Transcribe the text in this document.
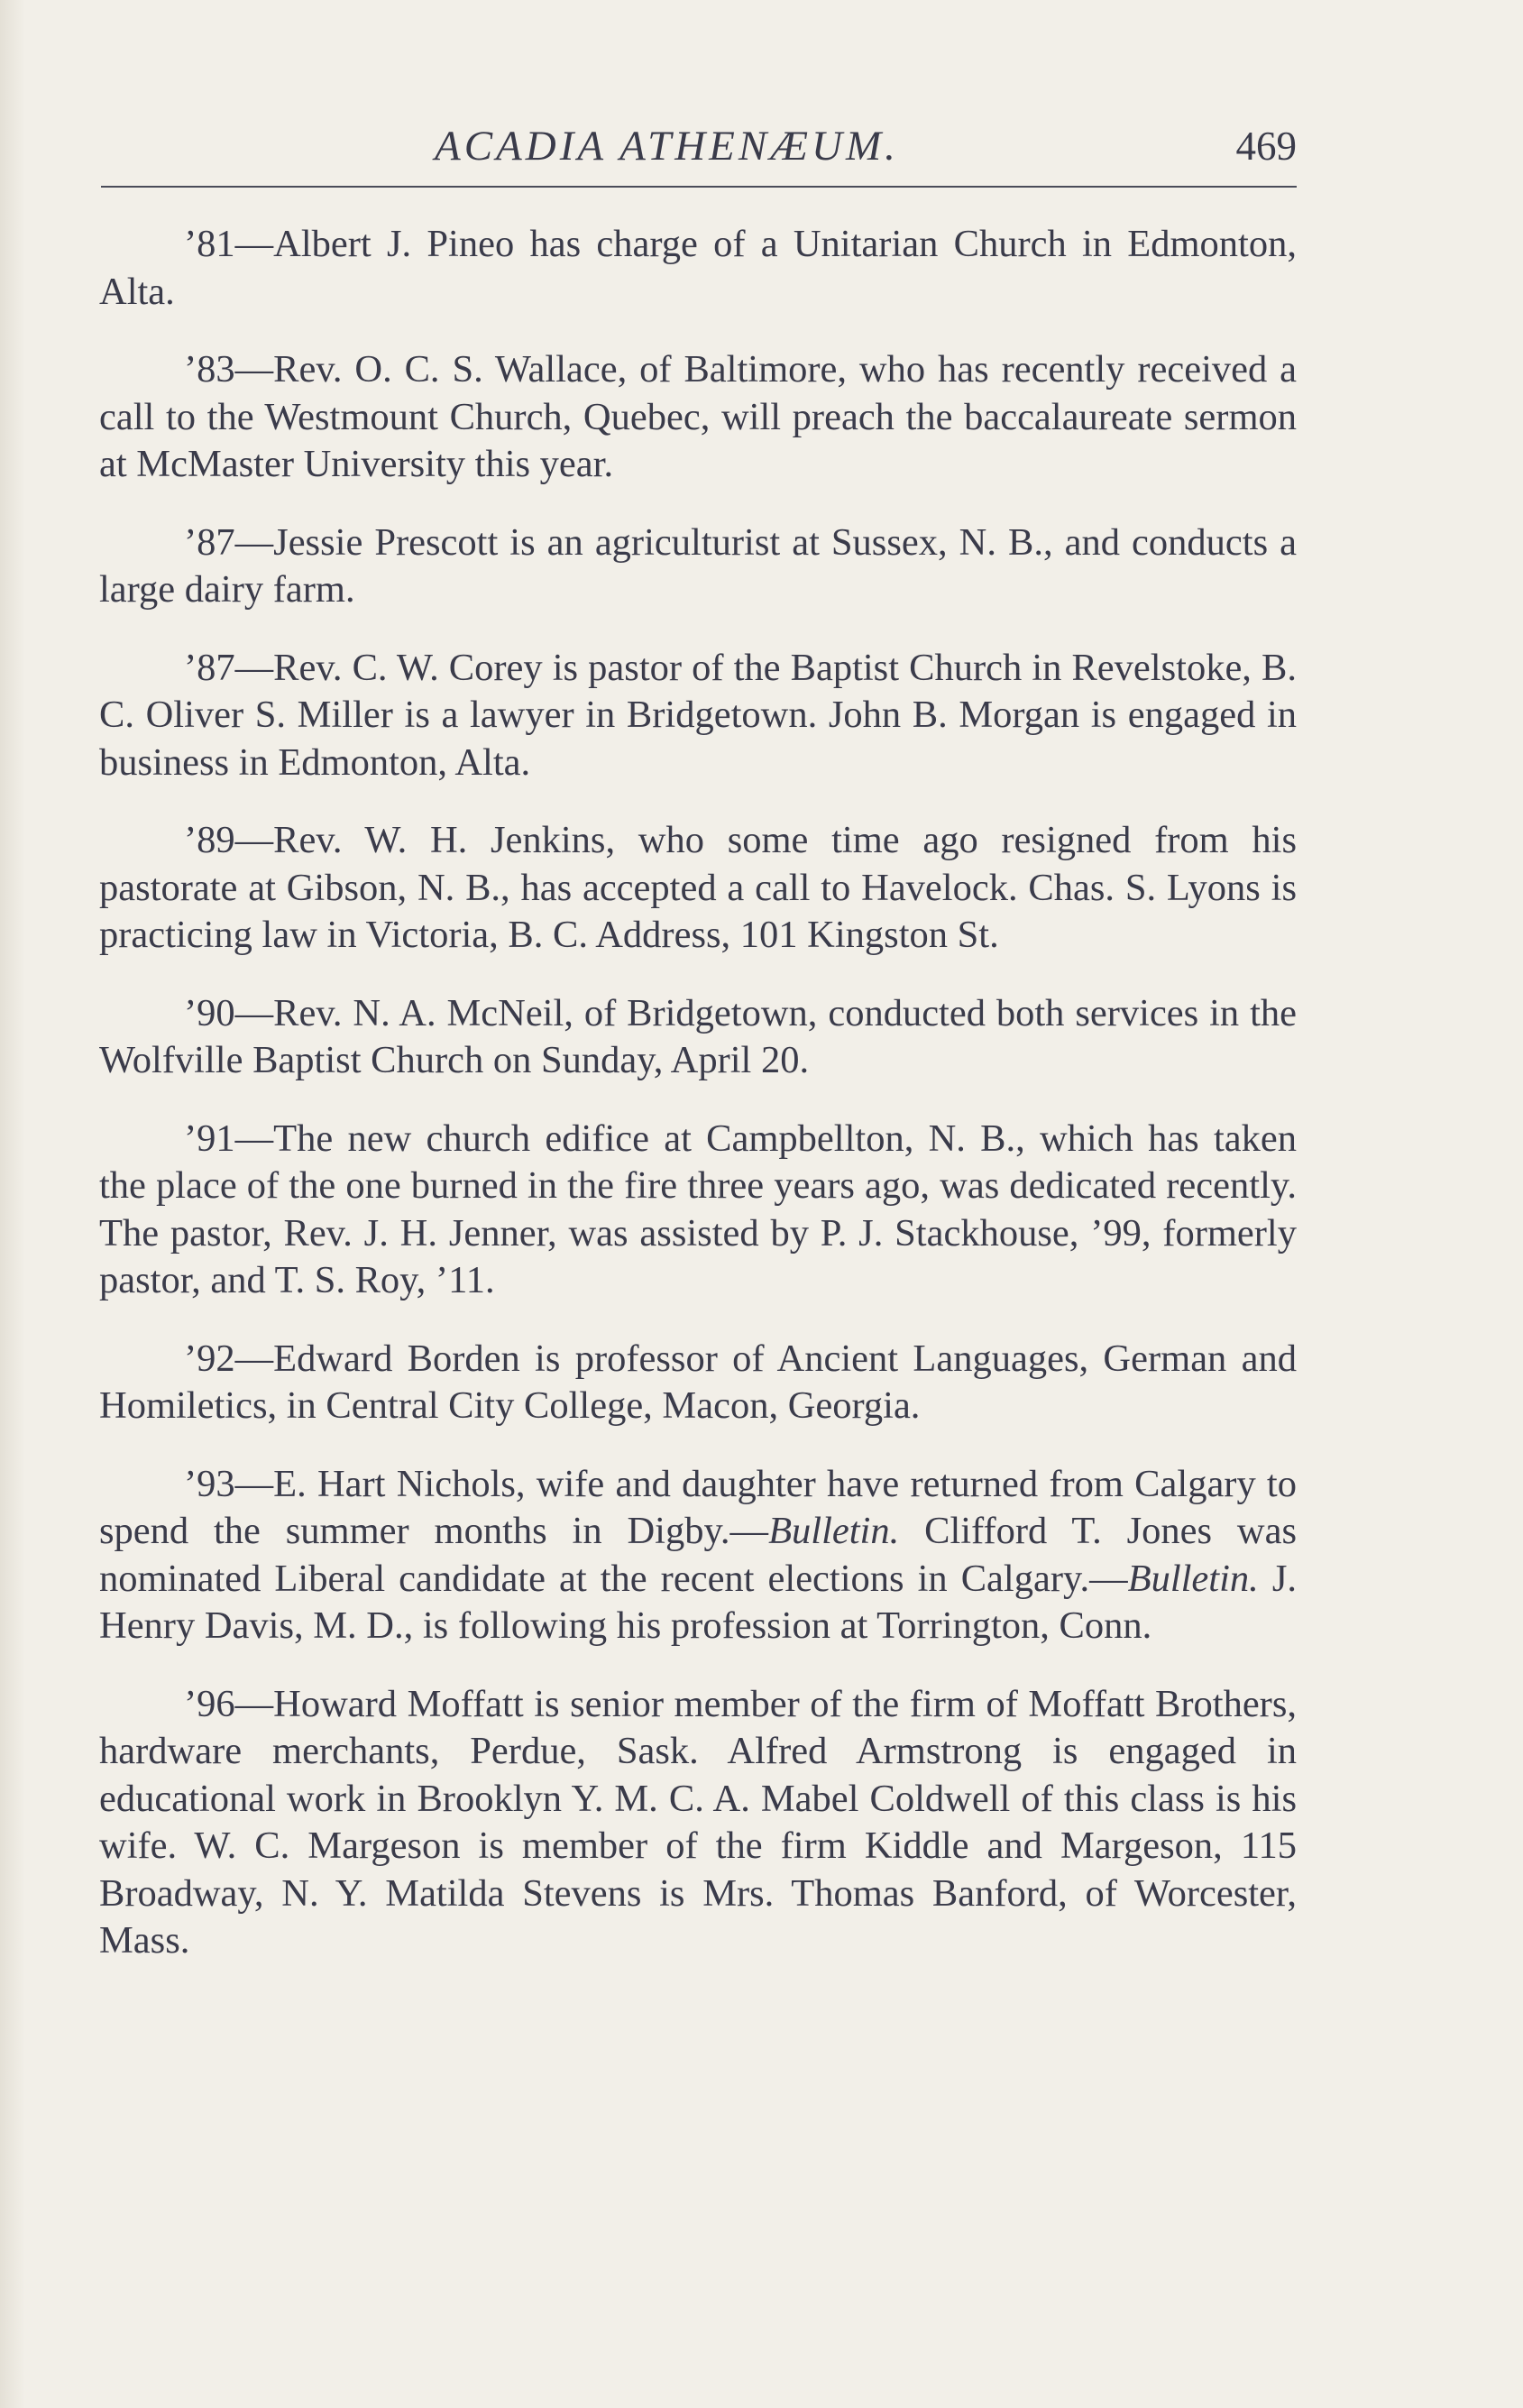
ACADIA ATHENÆUM.	469

’81—Albert J. Pineo has charge of a Unitarian Church in Edmonton, Alta.

’83—Rev. O. C. S. Wallace, of Baltimore, who has recently received a call to the Westmount Church, Quebec, will preach the baccalaureate sermon at McMaster University this year.

’87—Jessie Prescott is an agriculturist at Sussex, N. B., and conducts a large dairy farm.

’87—Rev. C. W. Corey is pastor of the Baptist Church in Revelstoke, B. C. Oliver S. Miller is a lawyer in Bridgetown. John B. Morgan is engaged in business in Edmonton, Alta.

’89—Rev. W. H. Jenkins, who some time ago resigned from his pastorate at Gibson, N. B., has accepted a call to Havelock. Chas. S. Lyons is practicing law in Victoria, B. C. Address, 101 Kingston St.

’90—Rev. N. A. McNeil, of Bridgetown, conducted both services in the Wolfville Baptist Church on Sunday, April 20.

’91—The new church edifice at Campbellton, N. B., which has taken the place of the one burned in the fire three years ago, was dedicated recently. The pastor, Rev. J. H. Jenner, was assisted by P. J. Stackhouse, ’99, formerly pastor, and T. S. Roy, ’11.

’92—Edward Borden is professor of Ancient Languages, German and Homiletics, in Central City College, Macon, Georgia.

’93—E. Hart Nichols, wife and daughter have returned from Calgary to spend the summer months in Digby.—Bulletin. Clifford T. Jones was nominated Liberal candidate at the recent elections in Calgary.—Bulletin. J. Henry Davis, M. D., is following his profession at Torrington, Conn.

’96—Howard Moffatt is senior member of the firm of Moffatt Brothers, hardware merchants, Perdue, Sask. Alfred Armstrong is engaged in educational work in Brooklyn Y. M. C. A. Mabel Coldwell of this class is his wife. W. C. Margeson is member of the firm Kiddle and Margeson, 115 Broadway, N. Y. Matilda Stevens is Mrs. Thomas Banford, of Worcester, Mass.
